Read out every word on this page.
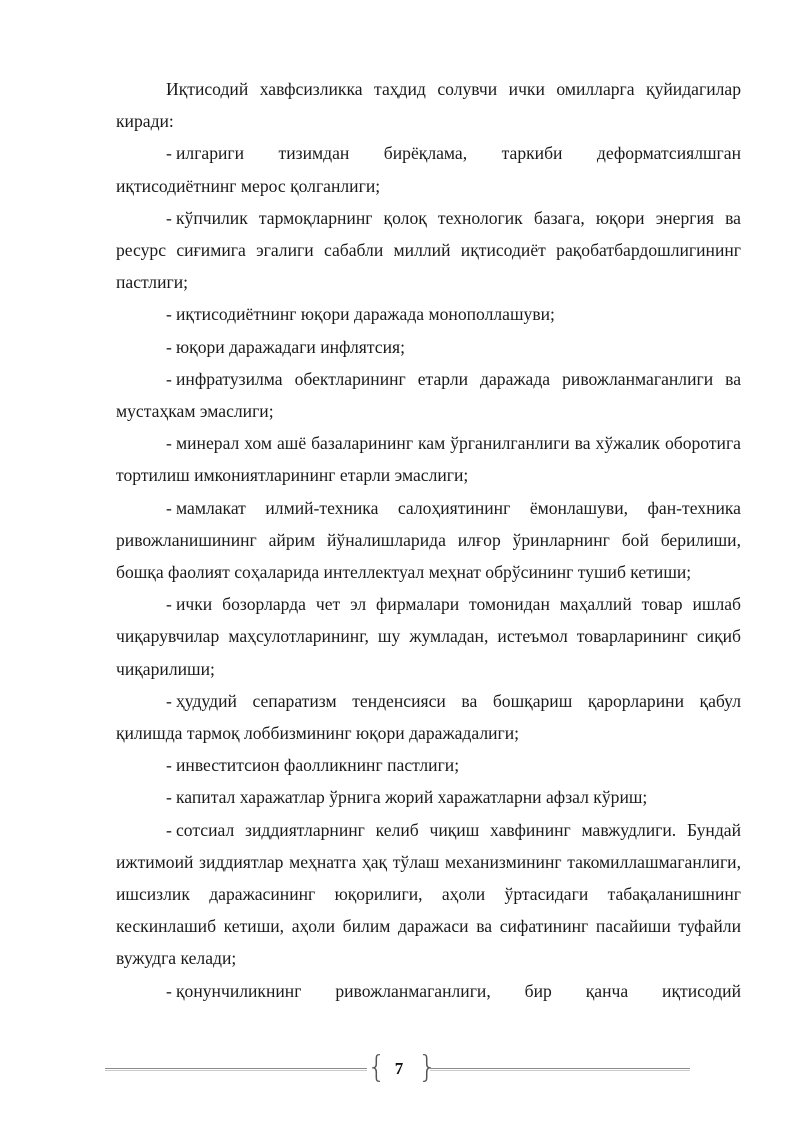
Иқтисодий хавфсизликка таҳдид солувчи ички омилларга қуйидагилар киради:

- илгариги тизимдан бирёқлама, таркиби деформатсиялшган иқтисодиётнинг мерос қолганлиги;

- кўпчилик тармоқларнинг қолоқ технологик базага, юқори энергия ва ресурс сиғимига эгалиги сабабли миллий иқтисодиёт рақобатбардошлигининг пастлиги;

- иқтисодиётнинг юқори даражада монополлашуви;

- юқори даражадаги инфлятсия;

- инфратузилма обектларининг етарли даражада ривожланмаганлиги ва мустаҳкам эмаслиги;

- минерал хом ашё базаларининг кам ўрганилганлиги ва хўжалик оборотига тортилиш имкониятларининг етарли эмаслиги;

- мамлакат илмий-техника салоҳиятининг ёмонлашуви, фан-техника ривожланишининг айрим йўналишларида илғор ўринларнинг бой берилиши, бошқа фаолият соҳаларида интеллектуал меҳнат обрўсининг тушиб кетиши;

- ички бозорларда чет эл фирмалари томонидан маҳаллий товар ишлаб чиқарувчилар маҳсулотларининг, шу жумладан, истеъмол товарларининг сиқиб чиқарилиши;

- ҳудудий сепаратизм тенденсияси ва бошқариш қарорларини қабул қилишда тармоқ лоббизмининг юқори даражадалиги;

- инвеститсион фаолликнинг пастлиги;

- капитал харажатлар ўрнига жорий харажатларни афзал кўриш;

- сотсиал зиддиятларнинг келиб чиқиш хавфининг мавжудлиги. Бундай ижтимоий зиддиятлар меҳнатга ҳақ тўлаш механизмининг такомиллашмаганлиги, ишсизлик даражасининг юқорилиги, аҳоли ўртасидаги табақаланишнинг кескинлашиб кетиши, аҳоли билим даражаси ва сифатининг пасайиши туфайли вужудга келади;

- қонунчиликнинг ривожланмаганлиги, бир қанча иқтисодий

{ 7 }
